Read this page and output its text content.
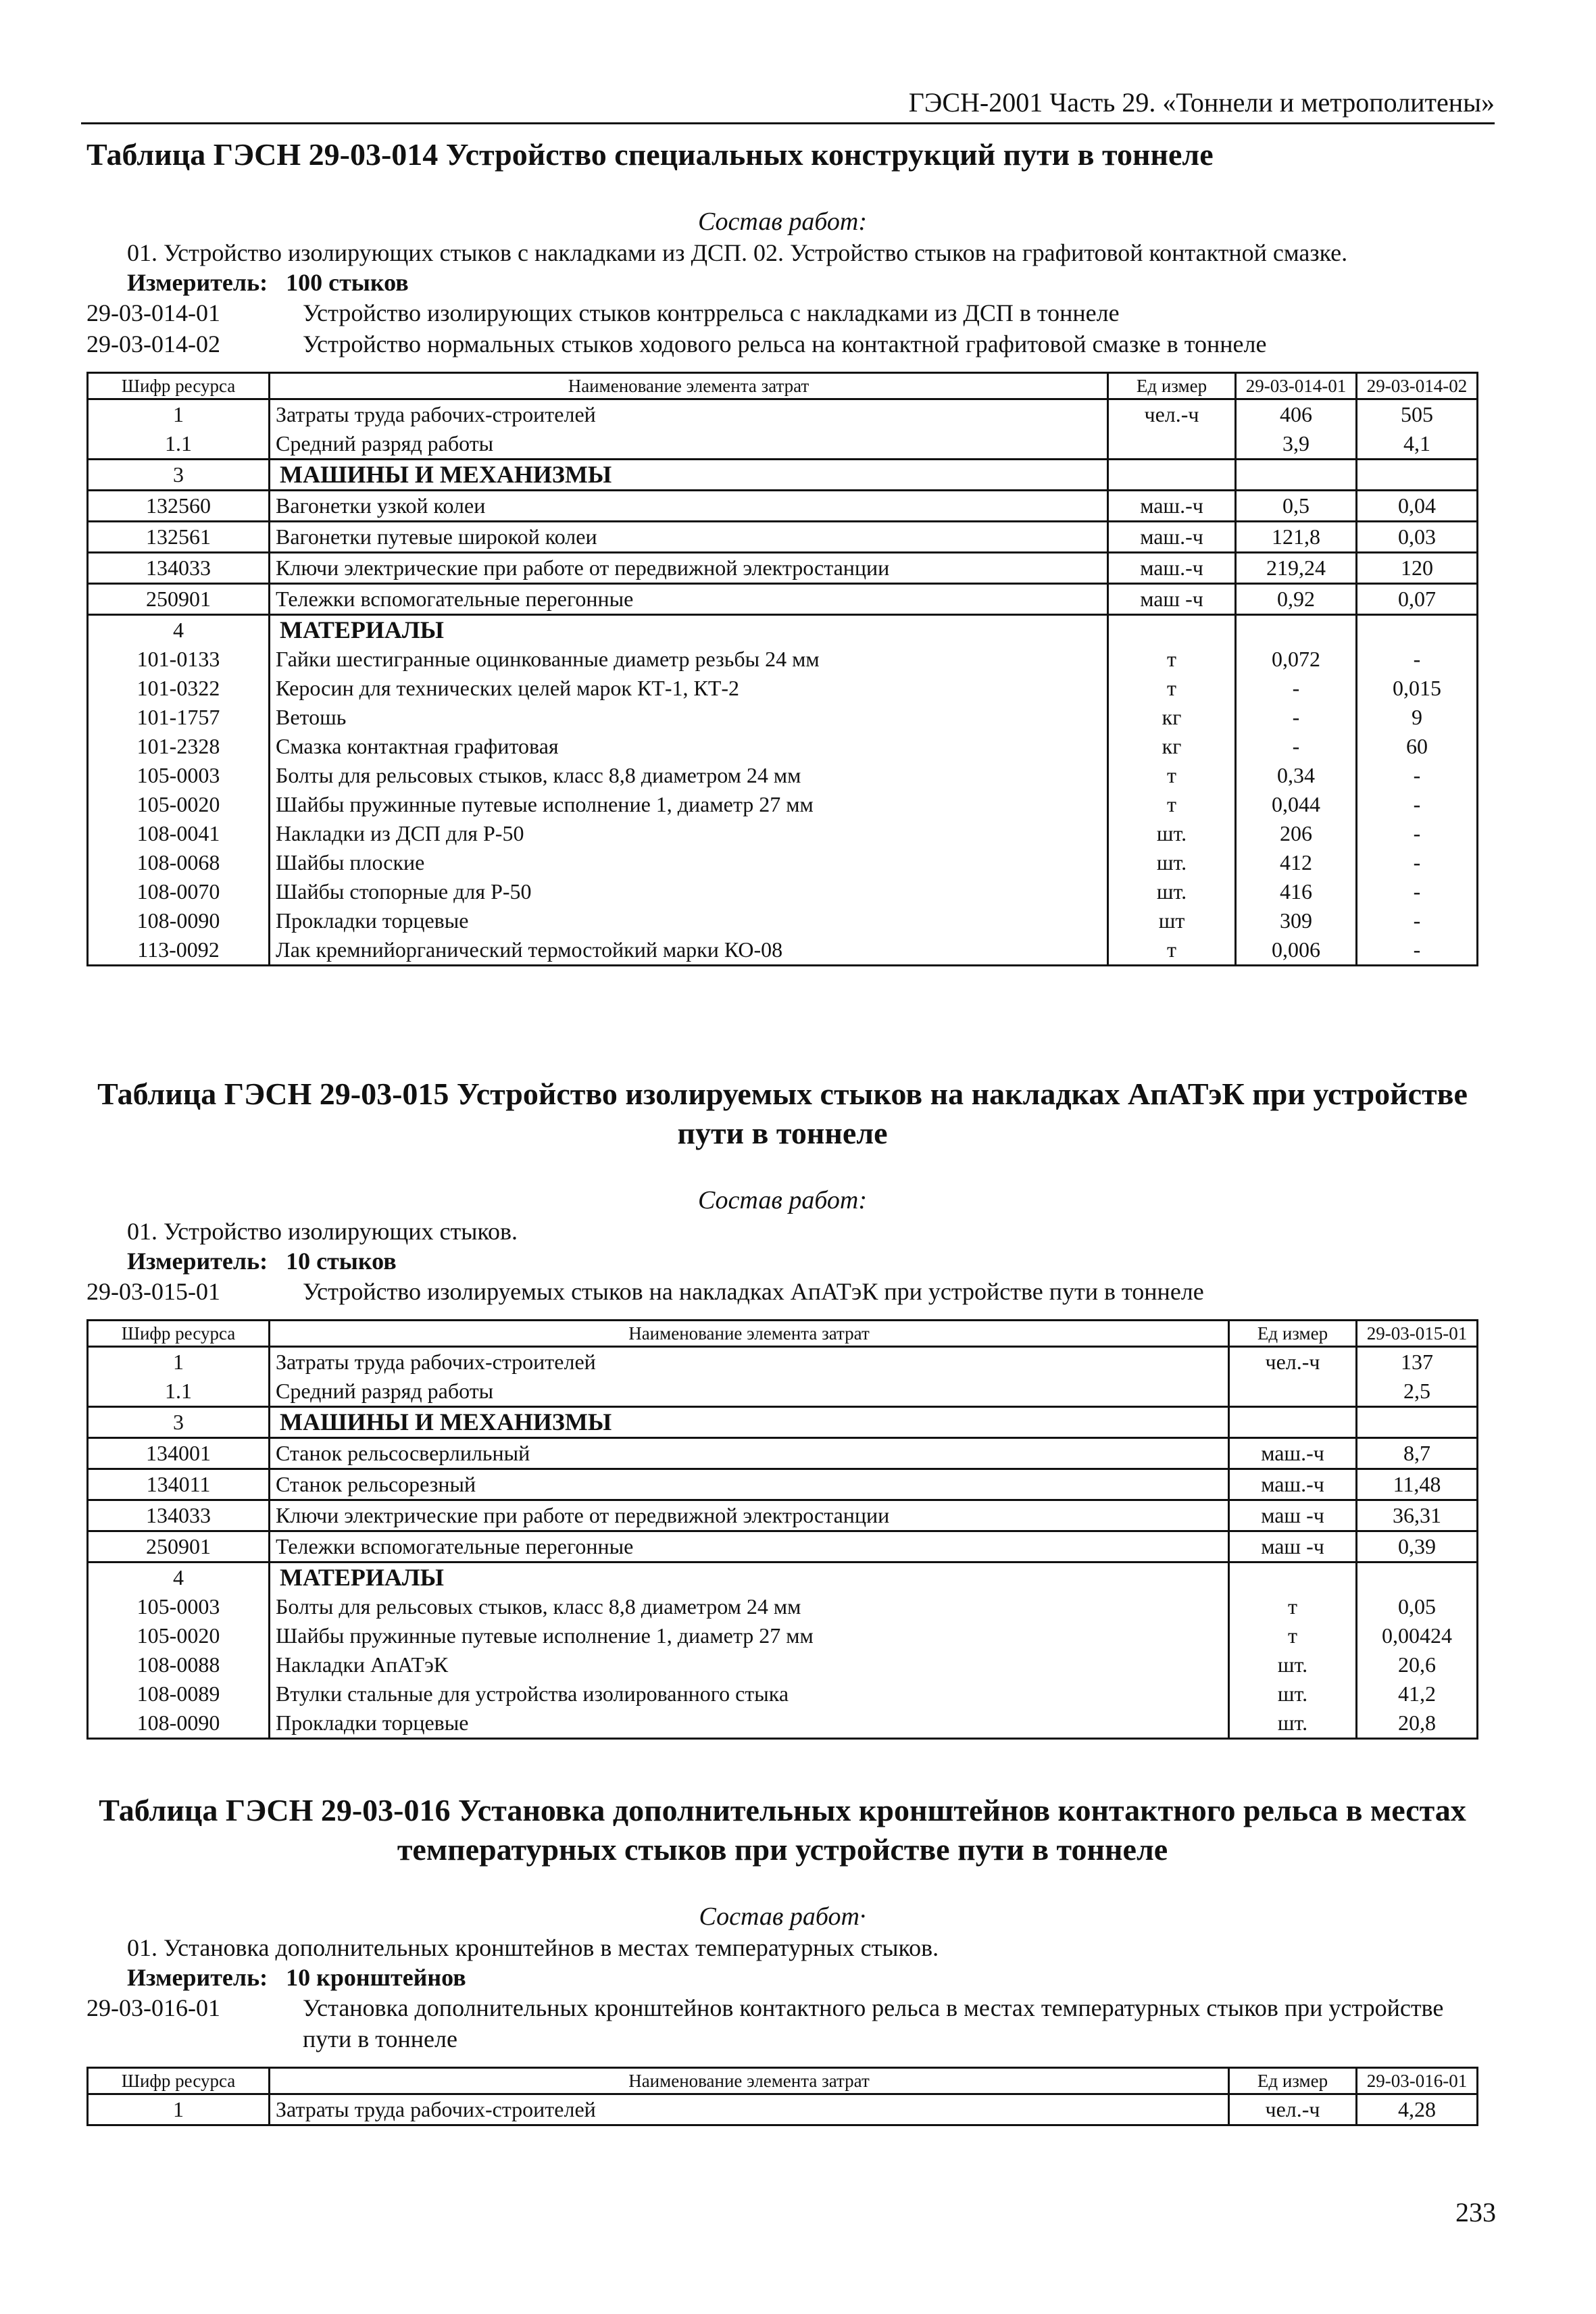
ГЭСН-2001 Часть 29. «Тоннели и метрополитены»
Таблица ГЭСН 29-03-014 Устройство специальных конструкций пути в тоннеле
Состав работ:
01. Устройство изолирующих стыков с накладками из ДСП. 02. Устройство стыков на графитовой контактной смазке.
Измеритель: 100 стыков
29-03-014-01	Устройство изолирующих стыков контррельса с накладками из ДСП в тоннеле
29-03-014-02	Устройство нормальных стыков ходового рельса на контактной графитовой смазке в тоннеле
Шифр ресурса	Наименование элемента затрат	Ед измер	29-03-014-01	29-03-014-02
1	Затраты труда рабочих-строителей	чел.-ч	406	505
1.1	Средний разряд работы		3,9	4,1
3	МАШИНЫ И МЕХАНИЗМЫ			
132560	Вагонетки узкой колеи	маш.-ч	0,5	0,04
132561	Вагонетки путевые широкой колеи	маш.-ч	121,8	0,03
134033	Ключи электрические при работе от передвижной электростанции	маш.-ч	219,24	120
250901	Тележки вспомогательные перегонные	маш -ч	0,92	0,07
4	МАТЕРИАЛЫ			
101-0133	Гайки шестигранные оцинкованные диаметр резьбы 24 мм	т	0,072	-
101-0322	Керосин для технических целей марок КТ-1, КТ-2	т	-	0,015
101-1757	Ветошь	кг	-	9
101-2328	Смазка контактная графитовая	кг	-	60
105-0003	Болты для рельсовых стыков, класс 8,8 диаметром 24 мм	т	0,34	-
105-0020	Шайбы пружинные путевые исполнение 1, диаметр 27 мм	т	0,044	-
108-0041	Накладки из ДСП для Р-50	шт.	206	-
108-0068	Шайбы плоские	шт.	412	-
108-0070	Шайбы стопорные для Р-50	шт.	416	-
108-0090	Прокладки торцевые	шт	309	-
113-0092	Лак кремнийорганический термостойкий марки КО-08	т	0,006	-
Таблица ГЭСН 29-03-015 Устройство изолируемых стыков на накладках АпАТэК при устройстве пути в тоннеле
Состав работ:
01. Устройство изолирующих стыков.
Измеритель: 10 стыков
29-03-015-01	Устройство изолируемых стыков на накладках АпАТэК при устройстве пути в тоннеле
Шифр ресурса	Наименование элемента затрат	Ед измер	29-03-015-01
1	Затраты труда рабочих-строителей	чел.-ч	137
1.1	Средний разряд работы		2,5
3	МАШИНЫ И МЕХАНИЗМЫ		
134001	Станок рельсосверлильный	маш.-ч	8,7
134011	Станок рельсорезный	маш.-ч	11,48
134033	Ключи электрические при работе от передвижной электростанции	маш -ч	36,31
250901	Тележки вспомогательные перегонные	маш -ч	0,39
4	МАТЕРИАЛЫ		
105-0003	Болты для рельсовых стыков, класс 8,8 диаметром 24 мм	т	0,05
105-0020	Шайбы пружинные путевые исполнение 1, диаметр 27 мм	т	0,00424
108-0088	Накладки АпАТэК	шт.	20,6
108-0089	Втулки стальные для устройства изолированного стыка	шт.	41,2
108-0090	Прокладки торцевые	шт.	20,8
Таблица ГЭСН 29-03-016 Установка дополнительных кронштейнов контактного рельса в местах температурных стыков при устройстве пути в тоннеле
Состав работ·
01. Установка дополнительных кронштейнов в местах температурных стыков.
Измеритель: 10 кронштейнов
29-03-016-01	Установка дополнительных кронштейнов контактного рельса в местах температурных стыков при устройстве пути в тоннеле
Шифр ресурса	Наименование элемента затрат	Ед измер	29-03-016-01
1	Затраты труда рабочих-строителей	чел.-ч	4,28
233
